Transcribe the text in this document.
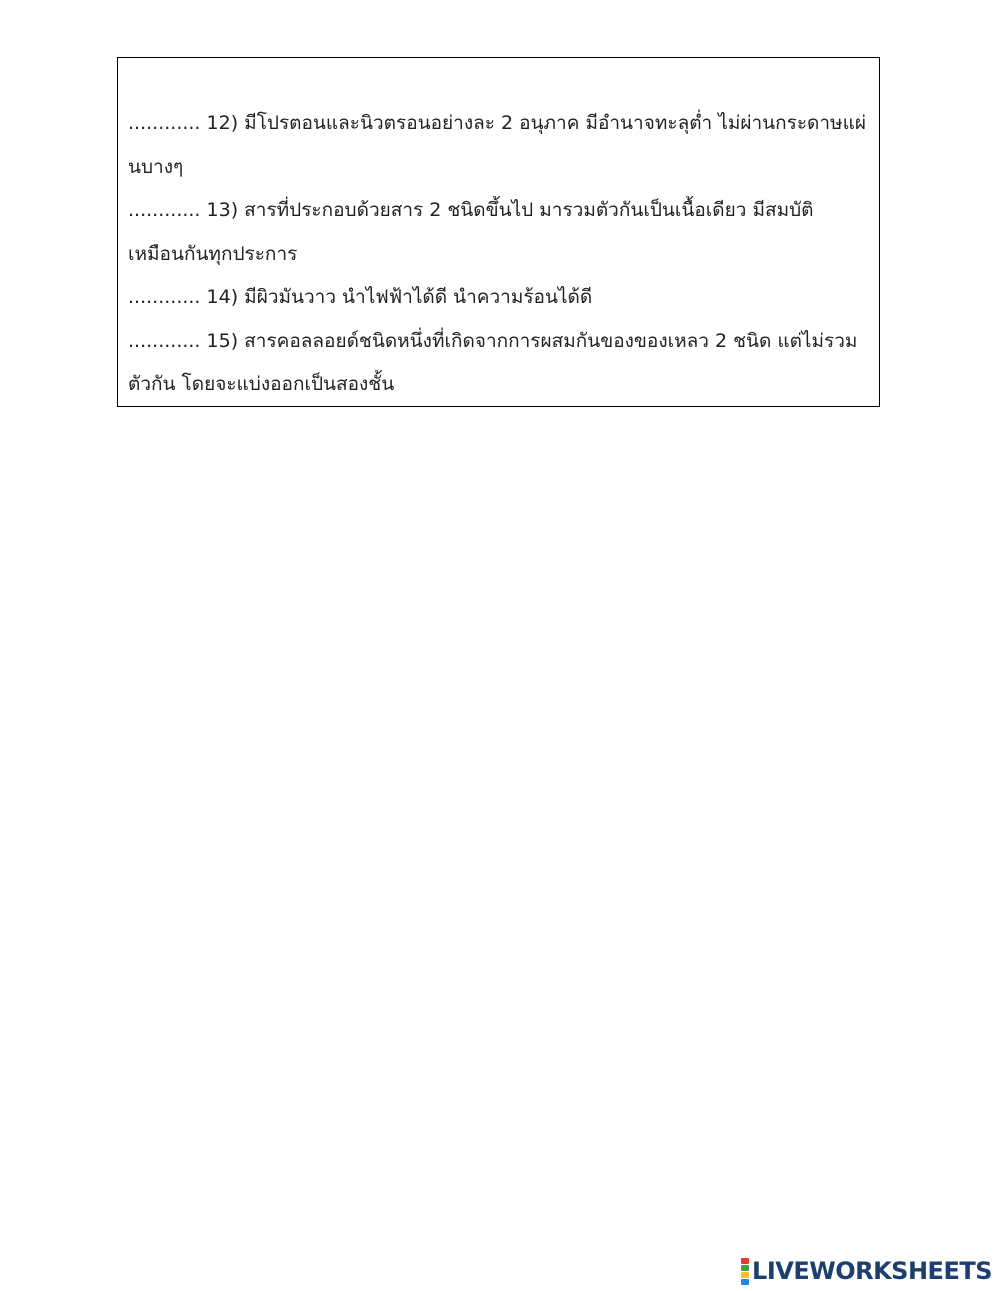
............ 12) มีโปรตอนและนิวตรอนอย่างละ 2 อนุภาค มีอำนาจทะลุต่ำ ไม่ผ่านกระดาษแผ่นบางๆ

............ 13) สารที่ประกอบด้วยสาร 2 ชนิดขึ้นไป มารวมตัวกันเป็นเนื้อเดียว มีสมบัติเหมือนกันทุกประการ

............ 14) มีผิวมันวาว นำไฟฟ้าได้ดี นำความร้อนได้ดี

............ 15) สารคอลลอยด์ชนิดหนึ่งที่เกิดจากการผสมกันของของเหลว 2 ชนิด แต่ไม่รวมตัวกัน โดยจะแบ่งออกเป็นสองชั้น

LIVEWORKSHEETS
